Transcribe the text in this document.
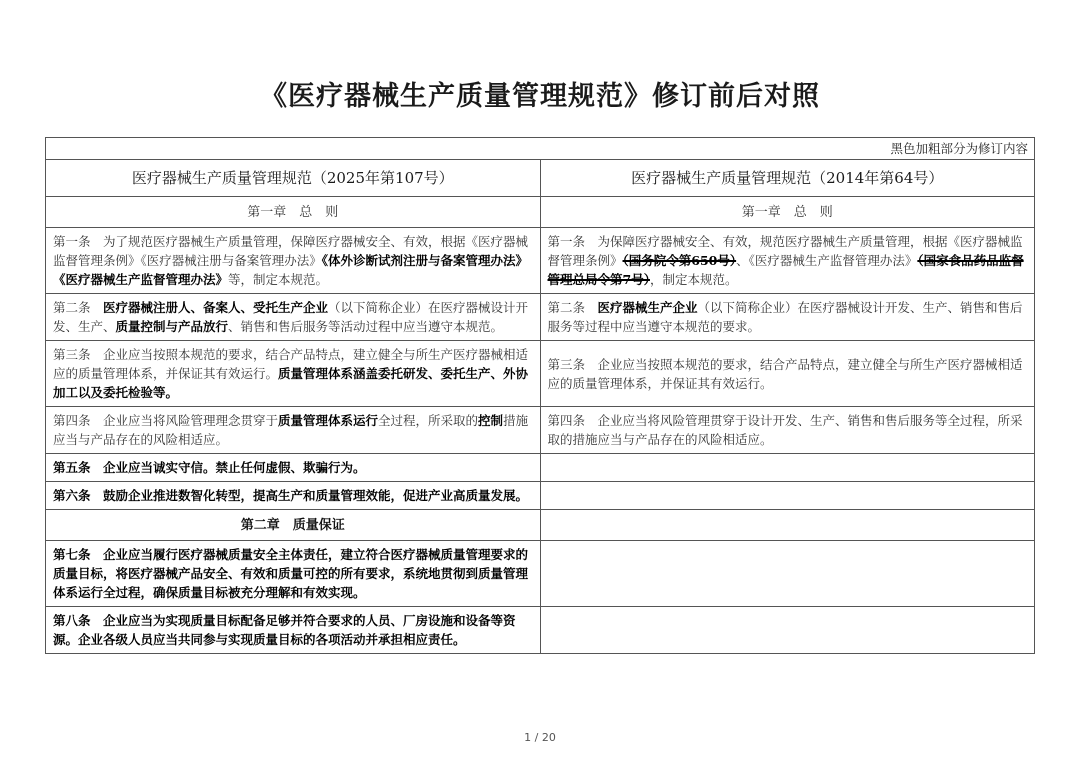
《医疗器械生产质量管理规范》修订前后对照
黑色加粗部分为修订内容	
医疗器械生产质量管理规范（2025年第107号）	医疗器械生产质量管理规范（2014年第64号）
第一章　总　则	第一章　总　则
第一条　为了规范医疗器械生产质量管理，保障医疗器械安全、有效，根据《医疗器械监督管理条例》《医疗器械注册与备案管理办法》《体外诊断试剂注册与备案管理办法》《医疗器械生产监督管理办法》等，制定本规范。	第一条　为保障医疗器械安全、有效，规范医疗器械生产质量管理，根据《医疗器械监督管理条例》（国务院令第650号）、《医疗器械生产监督管理办法》（国家食品药品监督管理总局令第7号），制定本规范。
第二条　医疗器械注册人、备案人、受托生产企业（以下简称企业）在医疗器械设计开发、生产、质量控制与产品放行、销售和售后服务等活动过程中应当遵守本规范。	第二条　医疗器械生产企业（以下简称企业）在医疗器械设计开发、生产、销售和售后服务等过程中应当遵守本规范的要求。
第三条　企业应当按照本规范的要求，结合产品特点，建立健全与所生产医疗器械相适应的质量管理体系，并保证其有效运行。质量管理体系涵盖委托研发、委托生产、外协加工以及委托检验等。	第三条　企业应当按照本规范的要求，结合产品特点，建立健全与所生产医疗器械相适应的质量管理体系，并保证其有效运行。
第四条　企业应当将风险管理理念贯穿于质量管理体系运行全过程，所采取的控制措施应当与产品存在的风险相适应。	第四条　企业应当将风险管理贯穿于设计开发、生产、销售和售后服务等全过程，所采取的措施应当与产品存在的风险相适应。
第五条　企业应当诚实守信。禁止任何虚假、欺骗行为。	
第六条　鼓励企业推进数智化转型，提高生产和质量管理效能，促进产业高质量发展。	
第二章　质量保证	
第七条　企业应当履行医疗器械质量安全主体责任，建立符合医疗器械质量管理要求的质量目标，将医疗器械产品安全、有效和质量可控的所有要求，系统地贯彻到质量管理体系运行全过程，确保质量目标被充分理解和有效实现。	
第八条　企业应当为实现质量目标配备足够并符合要求的人员、厂房设施和设备等资源。企业各级人员应当共同参与实现质量目标的各项活动并承担相应责任。	
1 / 20
